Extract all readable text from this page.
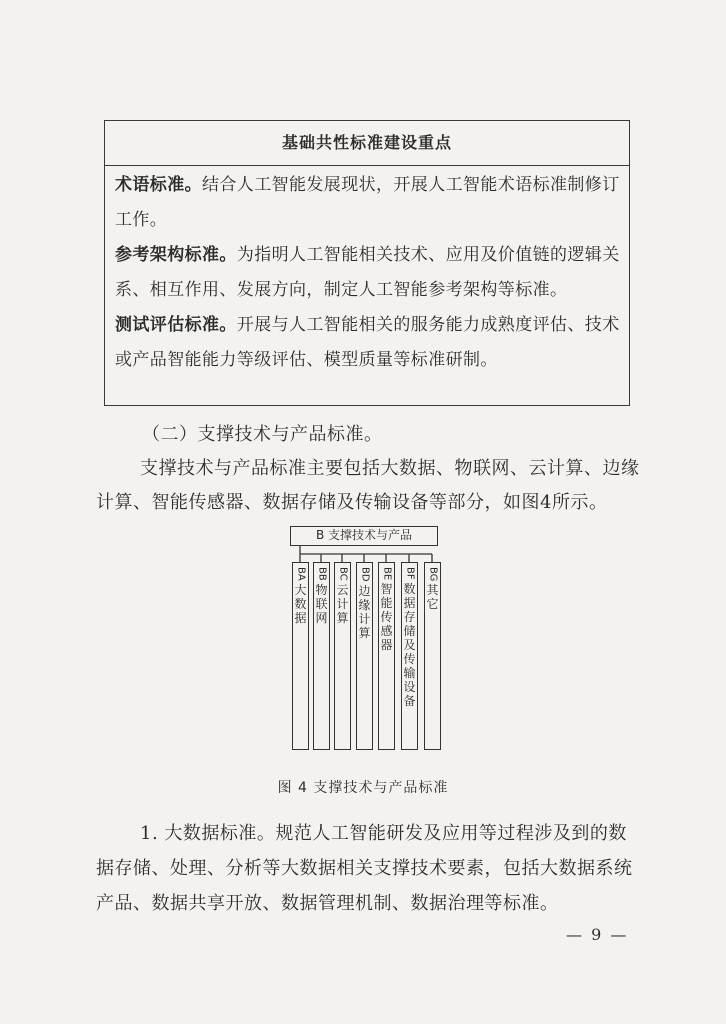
基础共性标准建设重点

术语标准。结合人工智能发展现状，开展人工智能术语标准制修订工作。

参考架构标准。为指明人工智能相关技术、应用及价值链的逻辑关系、相互作用、发展方向，制定人工智能参考架构等标准。

测试评估标准。开展与人工智能相关的服务能力成熟度评估、技术或产品智能能力等级评估、模型质量等标准研制。

（二）支撑技术与产品标准。
支撑技术与产品标准主要包括大数据、物联网、云计算、边缘计算、智能传感器、数据存储及传输设备等部分，如图4所示。
B 支撑技术与产品
BA
大数据
BB
物联网
BC
云计算
BD
边缘计算
BE
智能传感器
BF
数据存储及传输设备
BG
其它
图 4 支撑技术与产品标准
1. 大数据标准。规范人工智能研发及应用等过程涉及到的数据存储、处理、分析等大数据相关支撑技术要素，包括大数据系统产品、数据共享开放、数据管理机制、数据治理等标准。
— 9 —
